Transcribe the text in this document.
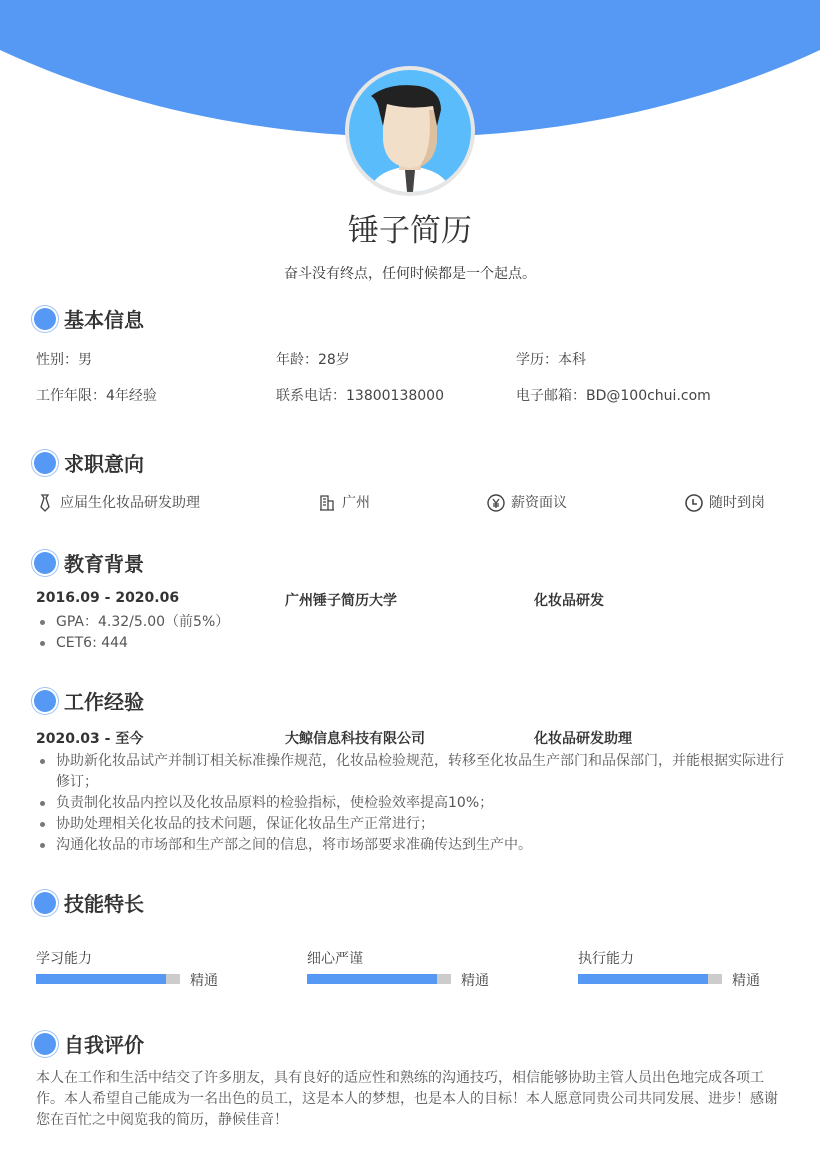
锤子简历
奋斗没有终点，任何时候都是一个起点。
基本信息
性别：男	年龄：28岁	学历：本科
工作年限：4年经验	联系电话：13800138000	电子邮箱：BD@100chui.com
求职意向
应届生化妆品研发助理	广州	薪资面议	随时到岗
教育背景
2016.09 - 2020.06	广州锤子简历大学	化妆品研发
GPA：4.32/5.00（前5%）
CET6: 444
工作经验
2020.03 - 至今	大鲸信息科技有限公司	化妆品研发助理
协助新化妆品试产并制订相关标准操作规范，化妆品检验规范，转移至化妆品生产部门和品保部门，并能根据实际进行修订；
负责制化妆品内控以及化妆品原料的检验指标，使检验效率提高10%；
协助处理相关化妆品的技术问题，保证化妆品生产正常进行；
沟通化妆品的市场部和生产部之间的信息，将市场部要求准确传达到生产中。
技能特长
学习能力
精通
细心严谨
精通
执行能力
精通
自我评价
本人在工作和生活中结交了许多朋友，具有良好的适应性和熟练的沟通技巧，相信能够协助主管人员出色地完成各项工作。本人希望自己能成为一名出色的员工，这是本人的梦想，也是本人的目标！本人愿意同贵公司共同发展、进步！感谢您在百忙之中阅览我的简历，静候佳音！
